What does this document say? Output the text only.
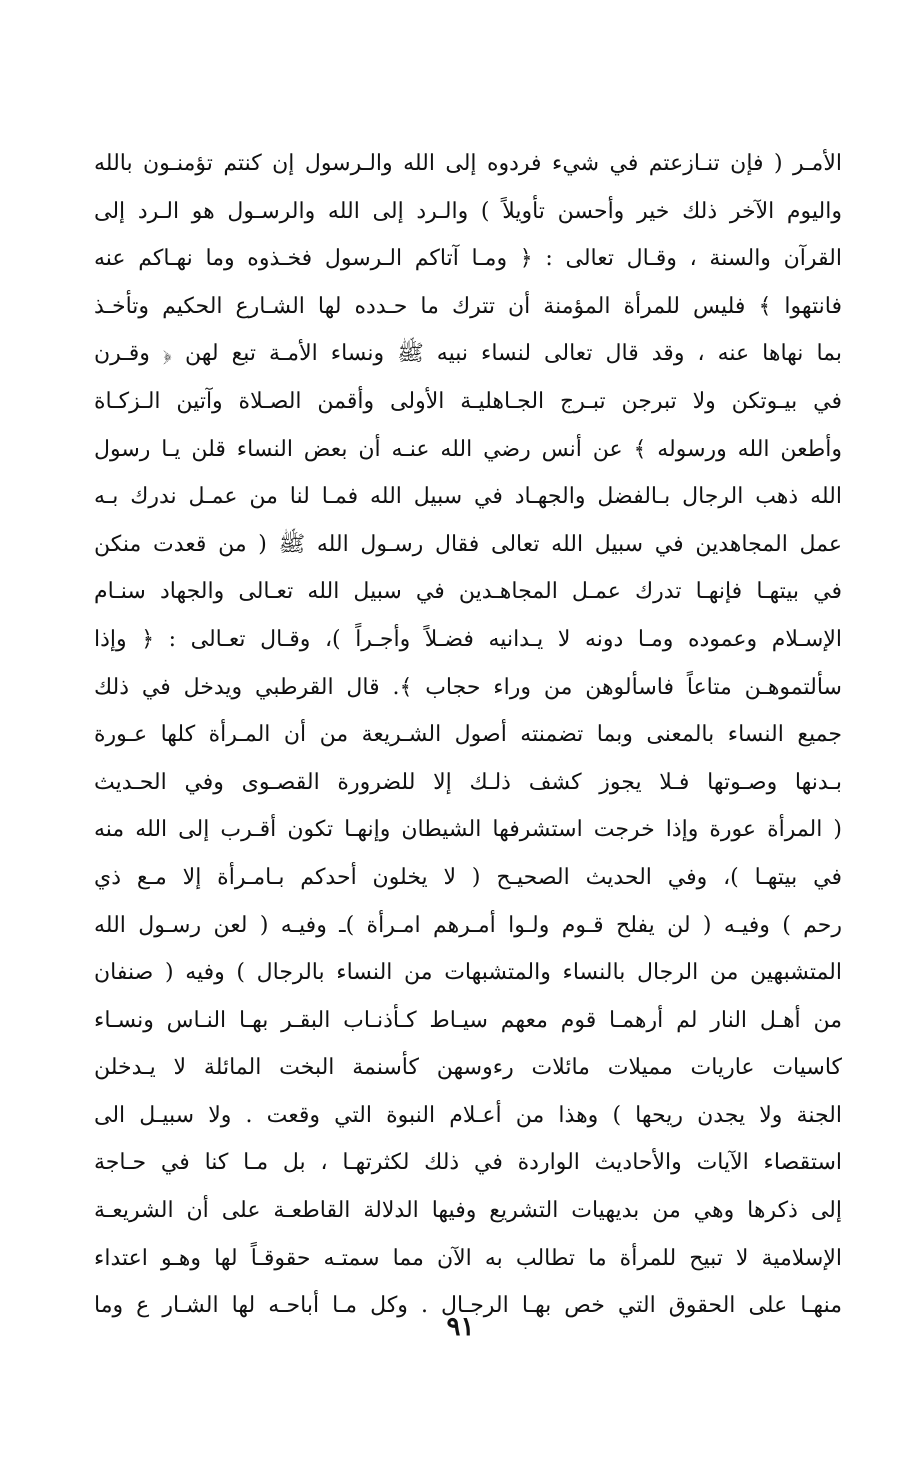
الأمـر ( فإن تنـازعتم في شيء فردوه إلى الله والـرسول إن كنتم تؤمنـون بالله
واليوم الآخر ذلك خير وأحسن تأويلاً ) والـرد إلى الله والرسـول هو الـرد إلى
القرآن والسنة ، وقـال تعالى : ﴿ ومـا آتاكم الـرسول فخـذوه وما نهـاكم عنه
فانتهوا ﴾ فليس للمرأة المؤمنة أن تترك ما حـدده لها الشـارع الحكيم وتأخـذ
بما نهاها عنه ، وقد قال تعالى لنساء نبيه ﷺ ونساء الأمـة تبع لهن ﴿ وقـرن
في بيـوتكن ولا تبرجن تبـرج الجـاهليـة الأولى وأقمن الصـلاة وآتين الـزكـاة
وأطعن الله ورسوله ﴾ عن أنس رضي الله عنـه أن بعض النساء قلن يـا رسول
الله ذهب الرجال بـالفضل والجهـاد في سبيل الله فمـا لنا من عمـل ندرك بـه
عمل المجاهدين في سبيل الله تعالى فقال رسـول الله ﷺ ( من قعدت منكن
في بيتهـا فإنهـا تدرك عمـل المجاهـدين في سبيل الله تعـالى والجهاد سنـام
الإسـلام وعموده ومـا دونه لا يـدانيه فضـلاً وأجـراً )، وقـال تعـالى : ﴿ وإذا
سألتموهـن متاعاً فاسألوهن من وراء حجاب ﴾. قال القرطبي ويدخل في ذلك
جميع النساء بالمعنى وبما تضمنته أصول الشـريعة من أن المـرأة كلها عـورة
بـدنها وصـوتها فـلا يجوز كشف ذلـك إلا للضرورة القصـوى وفي الحـديث
( المرأة عورة وإذا خرجت استشرفها الشيطان وإنهـا تكون أقـرب إلى الله منه
في بيتهـا )، وفي الحديث الصحيـح ( لا يخلون أحدكم بـامـرأة إلا مـع ذي
رحم ) وفيـه ( لن يفلح قـوم ولـوا أمـرهم امـرأة )ـ وفيـه ( لعن رسـول الله
المتشبهين من الرجال بالنساء والمتشبهات من النساء بالرجال ) وفيه ( صنفان
من أهـل النار لم أرهمـا قوم معهم سيـاط كـأذنـاب البقـر بهـا النـاس ونسـاء
كاسيات عاريات مميلات مائلات رءوسهن كأسنمة البخت المائلة لا يـدخلن
الجنة ولا يجدن ريحها ) وهذا من أعـلام النبوة التي وقعت . ولا سبيـل الى
استقصاء الآيات والأحاديث الواردة في ذلك لكثرتهـا ، بل مـا كنا في حـاجة
إلى ذكرها وهي من بديهيات التشريع وفيها الدلالة القاطعـة على أن الشريعـة
الإسلامية لا تبيح للمرأة ما تطالب به الآن مما سمتـه حقوقـاً لها وهـو اعتداء
منهـا على الحقوق التي خص بهـا الرجـال . وكل مـا أباحـه لها الشـار ع وما
٩١
